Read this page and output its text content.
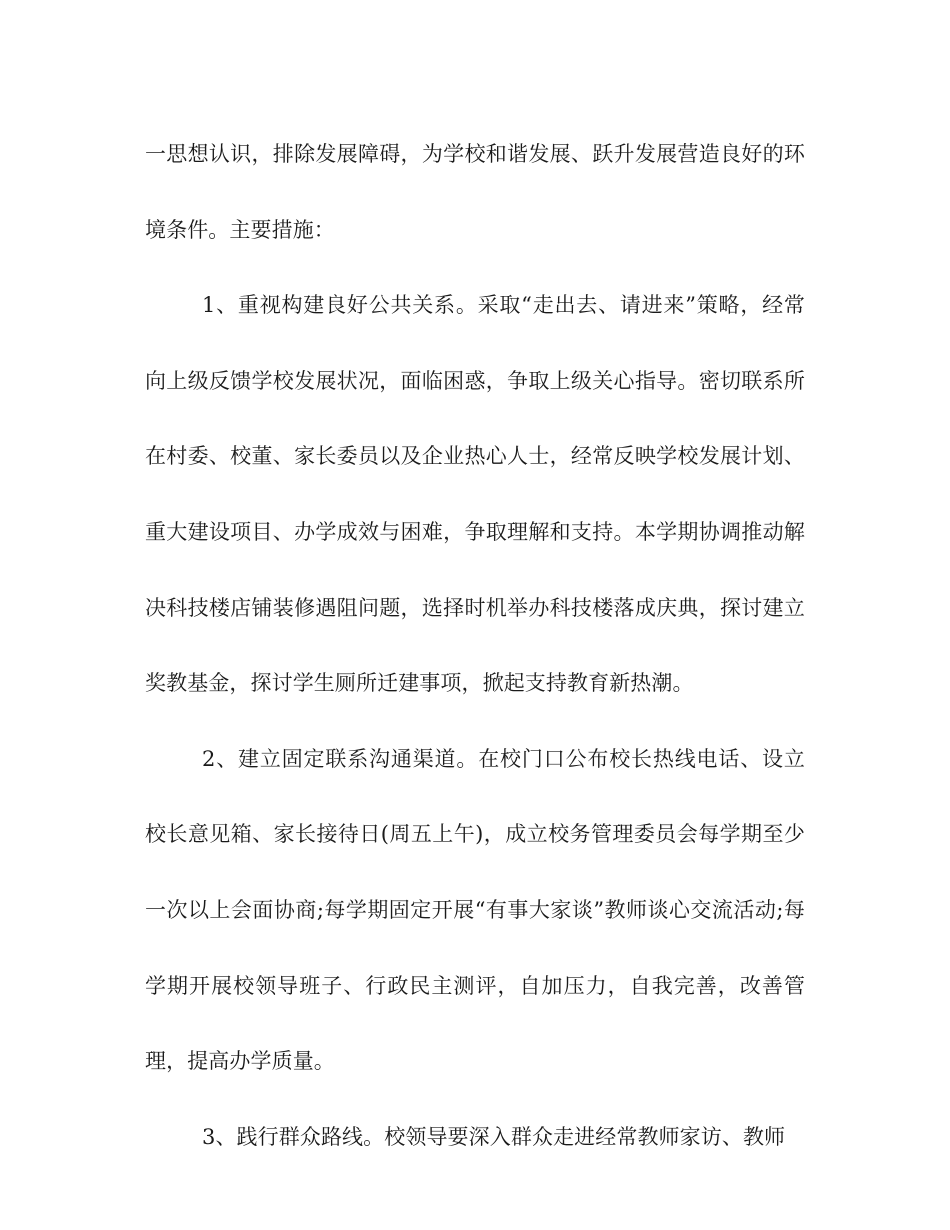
一思想认识，排除发展障碍，为学校和谐发展、跃升发展营造良好的环境条件。主要措施：

1、重视构建良好公共关系。采取“走出去、请进来”策略，经常向上级反馈学校发展状况，面临困惑，争取上级关心指导。密切联系所在村委、校董、家长委员以及企业热心人士，经常反映学校发展计划、重大建设项目、办学成效与困难，争取理解和支持。本学期协调推动解决科技楼店铺装修遇阻问题，选择时机举办科技楼落成庆典，探讨建立奖教基金，探讨学生厕所迁建事项，掀起支持教育新热潮。

2、建立固定联系沟通渠道。在校门口公布校长热线电话、设立校长意见箱、家长接待日(周五上午)，成立校务管理委员会每学期至少一次以上会面协商;每学期固定开展“有事大家谈”教师谈心交流活动;每学期开展校领导班子、行政民主测评，自加压力，自我完善，改善管理，提高办学质量。

3、践行群众路线。校领导要深入群众走进经常教师家访、教师
